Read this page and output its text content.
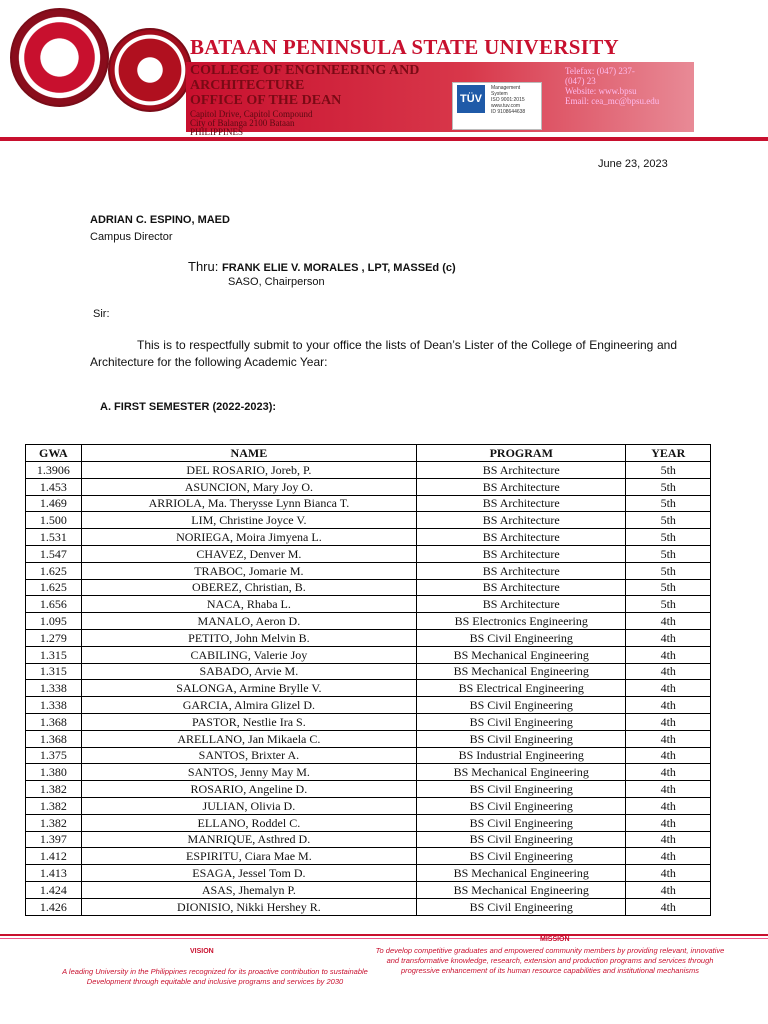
BATAAN PENINSULA STATE UNIVERSITY
COLLEGE OF ENGINEERING AND
ARCHITECTURE
OFFICE OF THE DEAN
Capitol Drive, Capitol Compound
City of Balanga 2100 Bataan
PHILIPPINES
TÜV
Management
System
ISO 9001:2015
www.tuv.com
ID 9108644638
Telefax: (047) 237-
(047) 23
Website: www.bpsu
Email: cea_mc@bpsu.edu
June 23, 2023
ADRIAN C. ESPINO, MAED
Campus Director
Thru: FRANK ELIE V. MORALES , LPT, MASSEd (c)
SASO, Chairperson
Sir:
This is to respectfully submit to your office the lists of Dean’s Lister of the College of Engineering and Architecture for the following Academic Year:
A. FIRST SEMESTER (2022-2023):
GWA	NAME	PROGRAM	YEAR
1.3906	DEL ROSARIO, Joreb, P.	BS Architecture	5th
1.453	ASUNCION, Mary Joy O.	BS Architecture	5th
1.469	ARRIOLA, Ma. Therysse Lynn Bianca T.	BS Architecture	5th
1.500	LIM, Christine Joyce V.	BS Architecture	5th
1.531	NORIEGA, Moira Jimyena L.	BS Architecture	5th
1.547	CHAVEZ, Denver M.	BS Architecture	5th
1.625	TRABOC, Jomarie M.	BS Architecture	5th
1.625	OBEREZ, Christian, B.	BS Architecture	5th
1.656	NACA, Rhaba L.	BS Architecture	5th
1.095	MANALO, Aeron D.	BS Electronics Engineering	4th
1.279	PETITO, John Melvin B.	BS Civil Engineering	4th
1.315	CABILING, Valerie Joy	BS Mechanical Engineering	4th
1.315	SABADO, Arvie M.	BS Mechanical Engineering	4th
1.338	SALONGA, Armine Brylle V.	BS Electrical Engineering	4th
1.338	GARCIA, Almira Glizel D.	BS Civil Engineering	4th
1.368	PASTOR, Nestlie Ira S.	BS Civil Engineering	4th
1.368	ARELLANO, Jan Mikaela C.	BS Civil Engineering	4th
1.375	SANTOS, Brixter A.	BS Industrial Engineering	4th
1.380	SANTOS, Jenny May M.	BS Mechanical Engineering	4th
1.382	ROSARIO, Angeline D.	BS Civil Engineering	4th
1.382	JULIAN, Olivia D.	BS Civil Engineering	4th
1.382	ELLANO, Roddel C.	BS Civil Engineering	4th
1.397	MANRIQUE, Asthred D.	BS Civil Engineering	4th
1.412	ESPIRITU, Ciara Mae M.	BS Civil Engineering	4th
1.413	ESAGA, Jessel Tom D.	BS Mechanical Engineering	4th
1.424	ASAS, Jhemalyn P.	BS Mechanical Engineering	4th
1.426	DIONISIO, Nikki Hershey R.	BS Civil Engineering	4th
VISION
A leading University in the Philippines recognized for its proactive contribution to sustainable Development through equitable and inclusive programs and services by 2030
MISSION
To develop competitive graduates and empowered community members by providing relevant, innovative and transformative knowledge, research, extension and production programs and services through progressive enhancement of its human resource capabilities and institutional mechanisms
